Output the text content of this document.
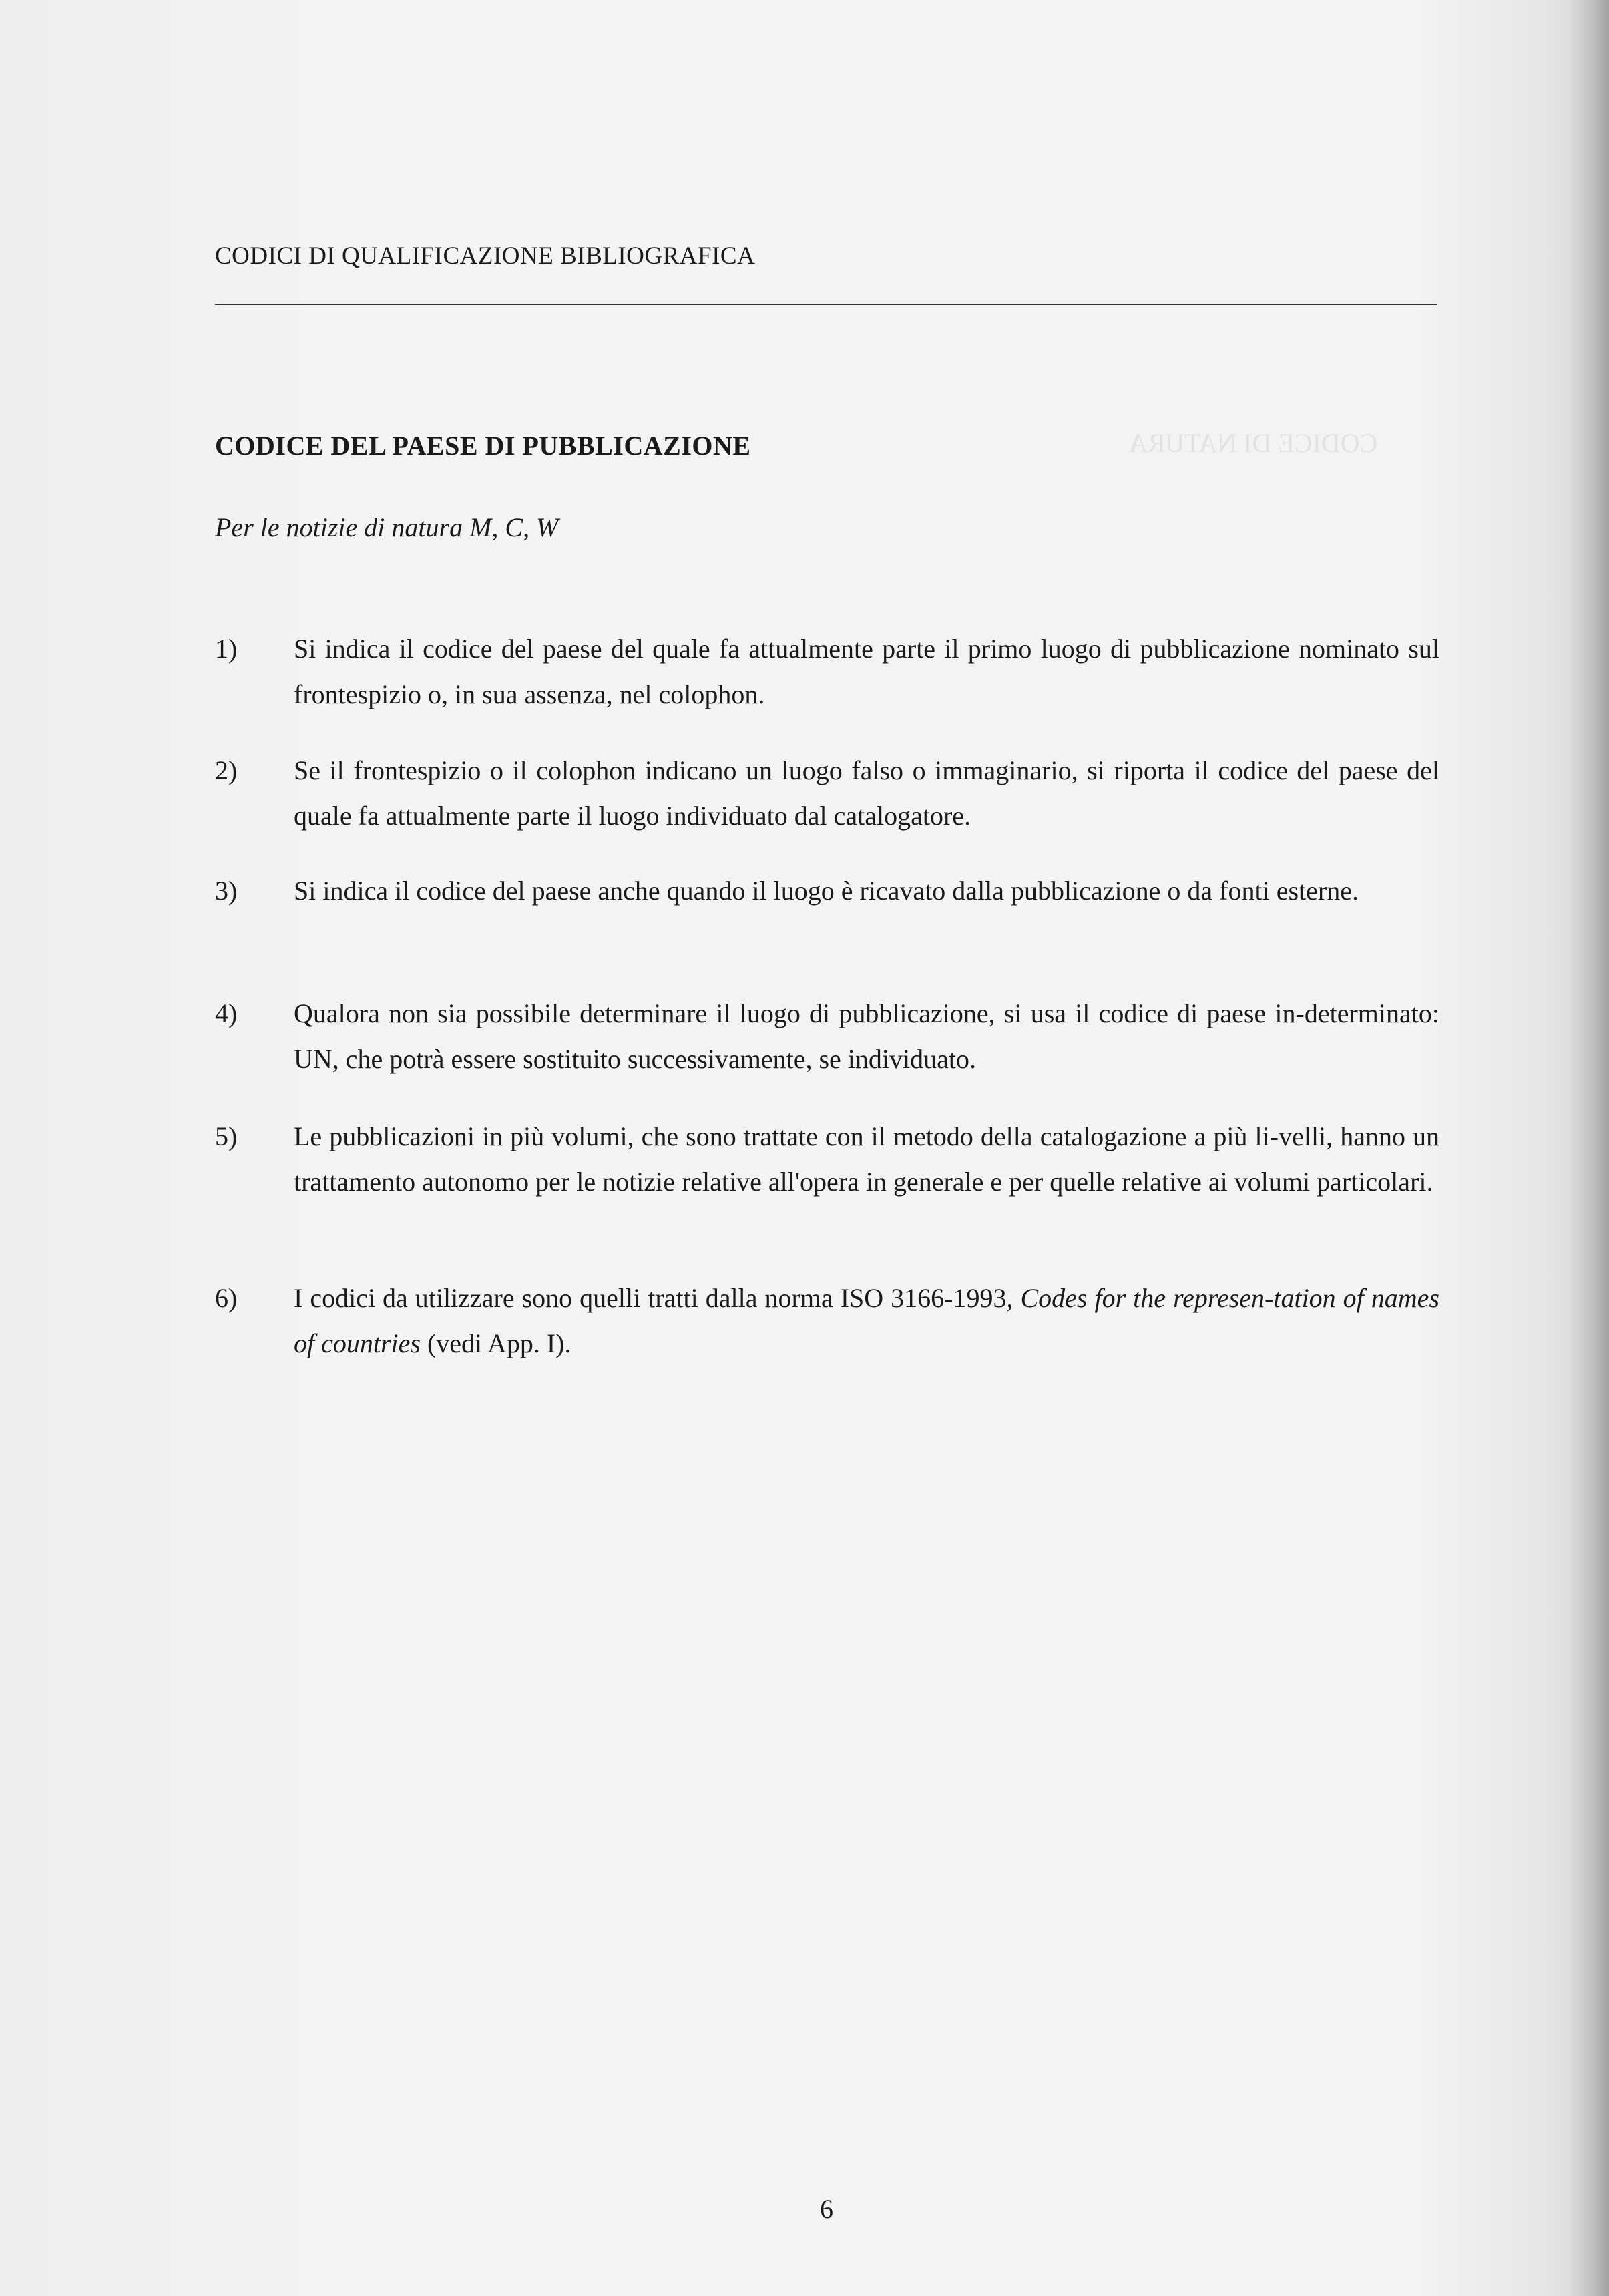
CODICE DI NATURA
CODICI DI QUALIFICAZIONE BIBLIOGRAFICA
CODICE DEL PAESE DI PUBBLICAZIONE
Per le notizie di natura M, C, W
1)	Si indica il codice del paese del quale fa attualmente parte il primo luogo di pubblicazione nominato sul frontespizio o, in sua assenza, nel colophon.
2)	Se il frontespizio o il colophon indicano un luogo falso o immaginario, si riporta il codice del paese del quale fa attualmente parte il luogo individuato dal catalogatore.
3)	Si indica il codice del paese anche quando il luogo è ricavato dalla pubblicazione o da fonti esterne.
4)	Qualora non sia possibile determinare il luogo di pubblicazione, si usa il codice di paese in-determinato: UN, che potrà essere sostituito successivamente, se individuato.
5)	Le pubblicazioni in più volumi, che sono trattate con il metodo della catalogazione a più li-velli, hanno un trattamento autonomo per le notizie relative all'opera in generale e per quelle relative ai volumi particolari.
6)	I codici da utilizzare sono quelli tratti dalla norma ISO 3166-1993, Codes for the represen-tation of names of countries (vedi App. I).
6
